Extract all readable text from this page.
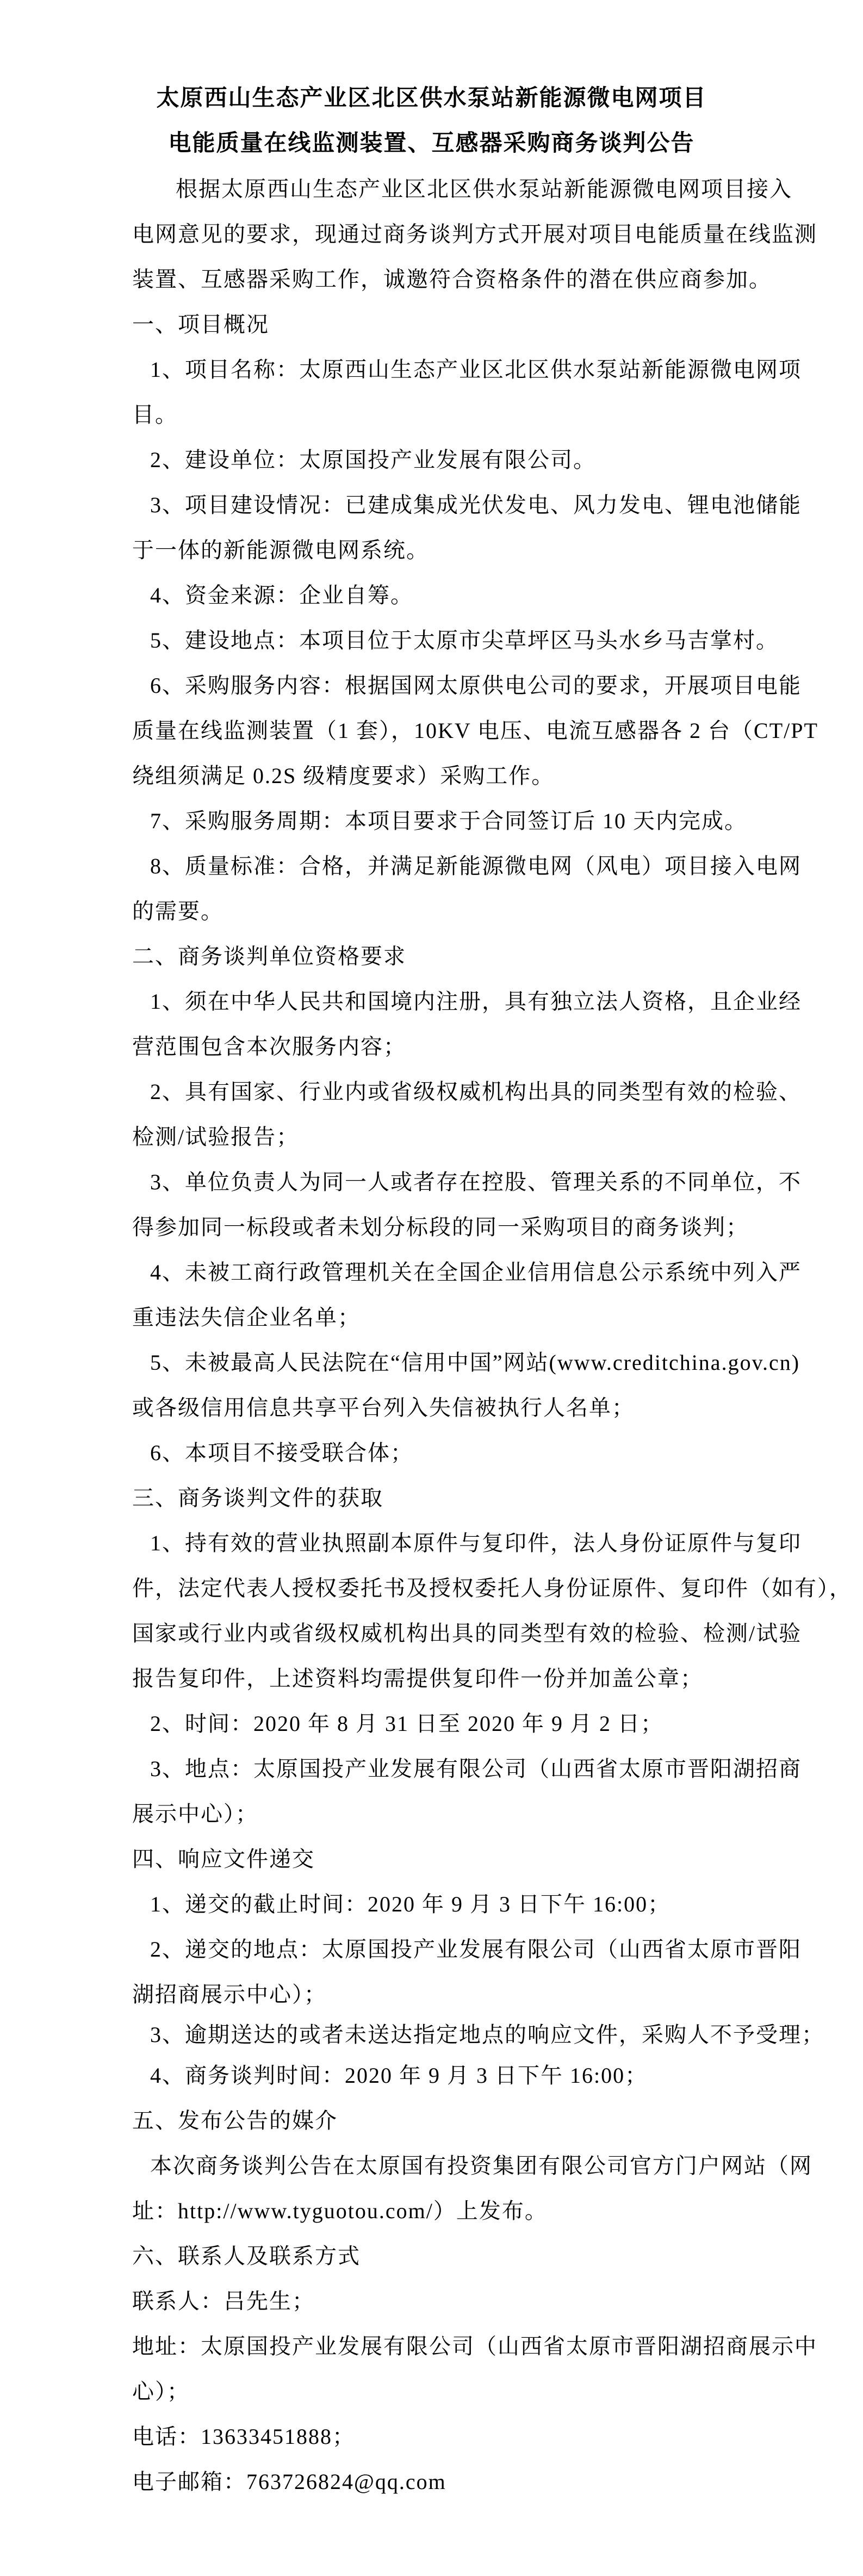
太原西山生态产业区北区供水泵站新能源微电网项目
电能质量在线监测装置、互感器采购商务谈判公告
根据太原西山生态产业区北区供水泵站新能源微电网项目接入
电网意见的要求，现通过商务谈判方式开展对项目电能质量在线监测
装置、互感器采购工作，诚邀符合资格条件的潜在供应商参加。
一、项目概况
1、项目名称：太原西山生态产业区北区供水泵站新能源微电网项
目。
2、建设单位：太原国投产业发展有限公司。
3、项目建设情况：已建成集成光伏发电、风力发电、锂电池储能
于一体的新能源微电网系统。
4、资金来源：企业自筹。
5、建设地点：本项目位于太原市尖草坪区马头水乡马吉掌村。
6、采购服务内容：根据国网太原供电公司的要求，开展项目电能
质量在线监测装置（1 套），10KV 电压、电流互感器各 2 台（CT/PT
绕组须满足 0.2S 级精度要求）采购工作。
7、采购服务周期：本项目要求于合同签订后 10 天内完成。
8、质量标准：合格，并满足新能源微电网（风电）项目接入电网
的需要。
二、商务谈判单位资格要求
1、须在中华人民共和国境内注册，具有独立法人资格，且企业经
营范围包含本次服务内容；
2、具有国家、行业内或省级权威机构出具的同类型有效的检验、
检测/试验报告；
3、单位负责人为同一人或者存在控股、管理关系的不同单位，不
得参加同一标段或者未划分标段的同一采购项目的商务谈判；
4、未被工商行政管理机关在全国企业信用信息公示系统中列入严
重违法失信企业名单；
5、未被最高人民法院在“信用中国”网站(www.creditchina.gov.cn)
或各级信用信息共享平台列入失信被执行人名单；
6、本项目不接受联合体；
三、商务谈判文件的获取
1、持有效的营业执照副本原件与复印件，法人身份证原件与复印
件，法定代表人授权委托书及授权委托人身份证原件、复印件（如有），
国家或行业内或省级权威机构出具的同类型有效的检验、检测/试验
报告复印件，上述资料均需提供复印件一份并加盖公章；
2、时间：2020 年 8 月 31 日至 2020 年 9 月 2 日；
3、地点：太原国投产业发展有限公司（山西省太原市晋阳湖招商
展示中心）；
四、响应文件递交
1、递交的截止时间：2020 年 9 月 3 日下午 16:00；
2、递交的地点：太原国投产业发展有限公司（山西省太原市晋阳
湖招商展示中心）；
3、逾期送达的或者未送达指定地点的响应文件，采购人不予受理；
4、商务谈判时间：2020 年 9 月 3 日下午 16:00；
五、发布公告的媒介
本次商务谈判公告在太原国有投资集团有限公司官方门户网站（网
址：http://www.tyguotou.com/）上发布。
六、联系人及联系方式
联系人：吕先生；
地址：太原国投产业发展有限公司（山西省太原市晋阳湖招商展示中
心）；
电话：13633451888；
电子邮箱：763726824@qq.com
